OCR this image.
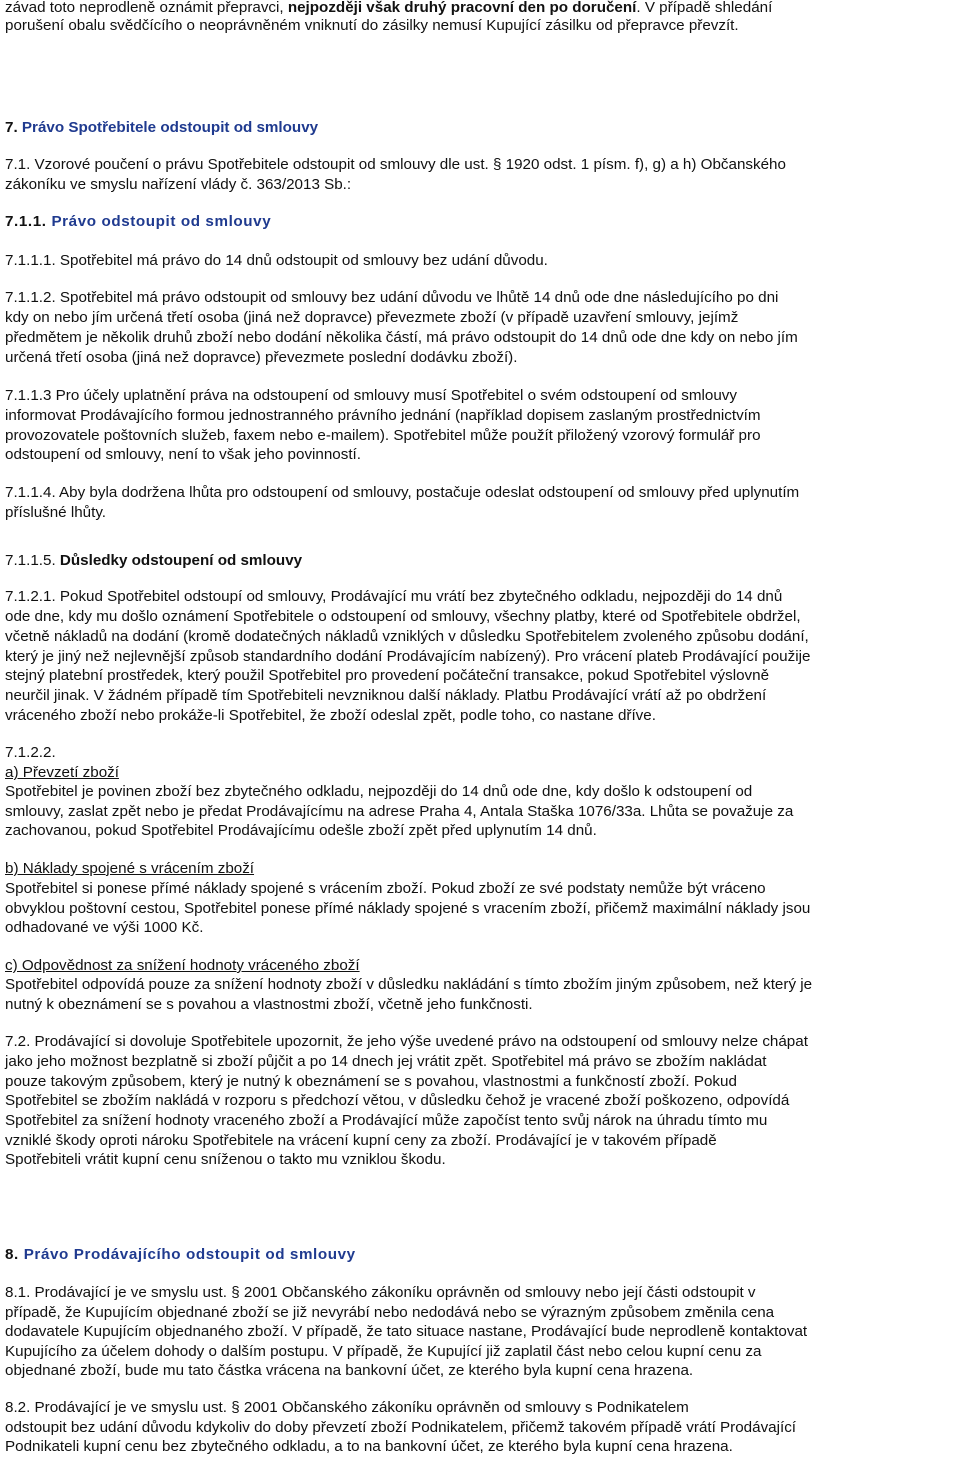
závad toto neprodleně oznámit přepravci, nejpozději však druhý pracovní den po doručení. V případě shledání
porušení obalu svědčícího o neoprávněném vniknutí do zásilky nemusí Kupující zásilku od přepravce převzít.
7. Právo Spotřebitele odstoupit od smlouvy
7.1. Vzorové poučení o právu Spotřebitele odstoupit od smlouvy dle ust. § 1920 odst. 1 písm. f), g) a h) Občanského
zákoníku ve smyslu nařízení vlády č. 363/2013 Sb.:
7.1.1. Právo odstoupit od smlouvy
7.1.1.1. Spotřebitel má právo do 14 dnů odstoupit od smlouvy bez udání důvodu.
7.1.1.2. Spotřebitel má právo odstoupit od smlouvy bez udání důvodu ve lhůtě 14 dnů ode dne následujícího po dni
kdy on nebo jím určená třetí osoba (jiná než dopravce) převezmete zboží (v případě uzavření smlouvy, jejímž
předmětem je několik druhů zboží nebo dodání několika částí, má právo odstoupit do 14 dnů ode dne kdy on nebo jím
určená třetí osoba (jiná než dopravce) převezmete poslední dodávku zboží).
7.1.1.3 Pro účely uplatnění práva na odstoupení od smlouvy musí Spotřebitel o svém odstoupení od smlouvy
informovat Prodávajícího formou jednostranného právního jednání (například dopisem zaslaným prostřednictvím
provozovatele poštovních služeb, faxem nebo e-mailem). Spotřebitel může použít přiložený vzorový formulář pro
odstoupení od smlouvy, není to však jeho povinností.
7.1.1.4. Aby byla dodržena lhůta pro odstoupení od smlouvy, postačuje odeslat odstoupení od smlouvy před uplynutím
příslušné lhůty.
7.1.1.5. Důsledky odstoupení od smlouvy
7.1.2.1. Pokud Spotřebitel odstoupí od smlouvy, Prodávající mu vrátí bez zbytečného odkladu, nejpozději do 14 dnů
ode dne, kdy mu došlo oznámení Spotřebitele o odstoupení od smlouvy, všechny platby, které od Spotřebitele obdržel,
včetně nákladů na dodání (kromě dodatečných nákladů vzniklých v důsledku Spotřebitelem zvoleného způsobu dodání,
který je jiný než nejlevnější způsob standardního dodání Prodávajícím nabízený). Pro vrácení plateb Prodávající použije
stejný platební prostředek, který použil Spotřebitel pro provedení počáteční transakce, pokud Spotřebitel výslovně
neurčil jinak. V žádném případě tím Spotřebiteli nevzniknou další náklady. Platbu Prodávající vrátí až po obdržení
vráceného zboží nebo prokáže-li Spotřebitel, že zboží odeslal zpět, podle toho, co nastane dříve.
7.1.2.2.
a) Převzetí zboží
Spotřebitel je povinen zboží bez zbytečného odkladu, nejpozději do 14 dnů ode dne, kdy došlo k odstoupení od
smlouvy, zaslat zpět nebo je předat Prodávajícímu na adrese Praha 4, Antala Staška 1076/33a. Lhůta se považuje za
zachovanou, pokud Spotřebitel Prodávajícímu odešle zboží zpět před uplynutím 14 dnů.
b) Náklady spojené s vrácením zboží
Spotřebitel si ponese přímé náklady spojené s vrácením zboží. Pokud zboží ze své podstaty nemůže být vráceno
obvyklou poštovní cestou, Spotřebitel ponese přímé náklady spojené s vracením zboží, přičemž maximální náklady jsou
odhadované ve výši 1000 Kč.
c) Odpovědnost za snížení hodnoty vráceného zboží
Spotřebitel odpovídá pouze za snížení hodnoty zboží v důsledku nakládání s tímto zbožím jiným způsobem, než který je
nutný k obeznámení se s povahou a vlastnostmi zboží, včetně jeho funkčnosti.
7.2. Prodávající si dovoluje Spotřebitele upozornit, že jeho výše uvedené právo na odstoupení od smlouvy nelze chápat
jako jeho možnost bezplatně si zboží půjčit a po 14 dnech jej vrátit zpět. Spotřebitel má právo se zbožím nakládat
pouze takovým způsobem, který je nutný k obeznámení se s povahou, vlastnostmi a funkčností zboží. Pokud
Spotřebitel se zbožím nakládá v rozporu s předchozí větou, v důsledku čehož je vracené zboží poškozeno, odpovídá
Spotřebitel za snížení hodnoty vraceného zboží a Prodávající může započíst tento svůj nárok na úhradu tímto mu
vzniklé škody oproti nároku Spotřebitele na vrácení kupní ceny za zboží. Prodávající je v takovém případě
Spotřebiteli vrátit kupní cenu sníženou o takto mu vzniklou škodu.
8. Právo Prodávajícího odstoupit od smlouvy
8.1. Prodávající je ve smyslu ust. § 2001 Občanského zákoníku oprávněn od smlouvy nebo její části odstoupit v
případě, že Kupujícím objednané zboží se již nevyrábí nebo nedodává nebo se výrazným způsobem změnila cena
dodavatele Kupujícím objednaného zboží. V případě, že tato situace nastane, Prodávající bude neprodleně kontaktovat
Kupujícího za účelem dohody o dalším postupu. V případě, že Kupující již zaplatil část nebo celou kupní cenu za
objednané zboží, bude mu tato částka vrácena na bankovní účet, ze kterého byla kupní cena hrazena.
8.2. Prodávající je ve smyslu ust. § 2001 Občanského zákoníku oprávněn od smlouvy s Podnikatelem
odstoupit bez udání důvodu kdykoliv do doby převzetí zboží Podnikatelem, přičemž takovém případě vrátí Prodávající
Podnikateli kupní cenu bez zbytečného odkladu, a to na bankovní účet, ze kterého byla kupní cena hrazena.
